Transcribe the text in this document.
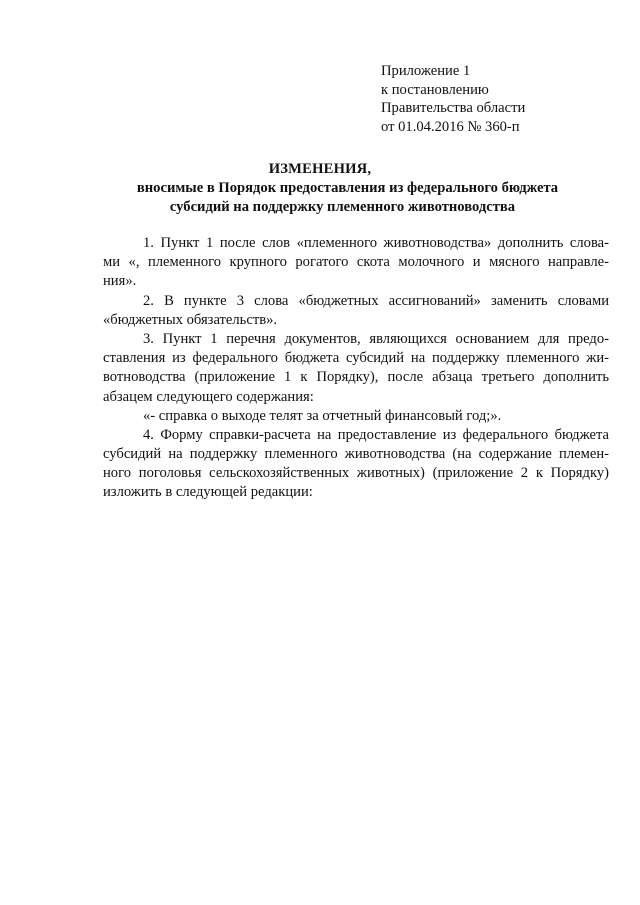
Приложение 1
к постановлению
Правительства области
от 01.04.2016 № 360-п
ИЗМЕНЕНИЯ,
вносимые в Порядок предоставления из федерального бюджета
субсидий на поддержку племенного животноводства
1. Пункт 1 после слов «племенного животноводства» дополнить слова-
ми «, племенного крупного рогатого скота молочного и мясного направле-
ния».
2. В пункте 3 слова «бюджетных ассигнований» заменить словами
«бюджетных обязательств».
3. Пункт 1 перечня документов, являющихся основанием для предо-
ставления из федерального бюджета субсидий на поддержку племенного жи-
вотноводства (приложение 1 к Порядку), после абзаца третьего дополнить
абзацем следующего содержания:
«- справка о выходе телят за отчетный финансовый год;».
4. Форму справки-расчета на предоставление из федерального бюджета
субсидий на поддержку племенного животноводства (на содержание племен-
ного поголовья сельскохозяйственных животных) (приложение 2 к Порядку)
изложить в следующей редакции:
